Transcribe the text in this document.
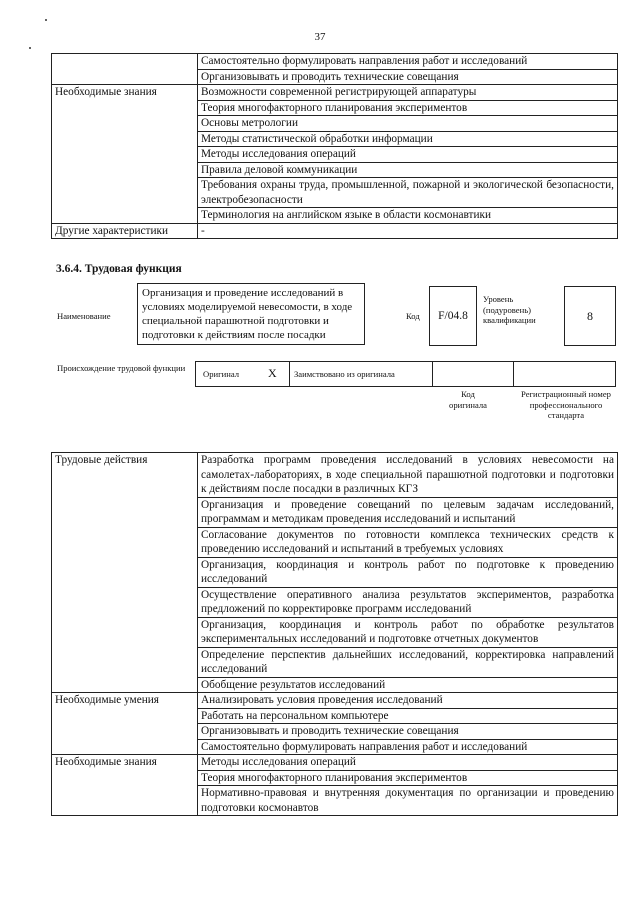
37
	Самостоятельно формулировать направления работ и исследований
	Организовывать и проводить технические совещания
Необходимые знания	Возможности современной регистрирующей аппаратуры
	Теория многофакторного планирования экспериментов
	Основы метрологии
	Методы статистической обработки информации
	Методы исследования операций
	Правила деловой коммуникации
	Требования охраны труда, промышленной, пожарной и экологической безопасности, электробезопасности
	Терминология на английском языке в области космонавтики
Другие характеристики	-
3.6.4. Трудовая функция
Наименование
Организация и проведение исследований в условиях моделируемой невесомости, в ходе специальной парашютной подготовки и подготовки к действиям после посадки
Код	F/04.8
Уровень (подуровень) квалификации	8
Происхождение трудовой функции
Оригинал X Заимствовано из оригинала
Код оригинала
Регистрационный номер профессионального стандарта
Трудовые действия	Разработка программ проведения исследований в условиях невесомости на самолетах-лабораториях, в ходе специальной парашютной подготовки и подготовки к действиям после посадки в различных КГЗ
	Организация и проведение совещаний по целевым задачам исследований, программам и методикам проведения исследований и испытаний
	Согласование документов по готовности комплекса технических средств к проведению исследований и испытаний в требуемых условиях
	Организация, координация и контроль работ по подготовке к проведению исследований
	Осуществление оперативного анализа результатов экспериментов, разработка предложений по корректировке программ исследований
	Организация, координация и контроль работ по обработке результатов экспериментальных исследований и подготовке отчетных документов
	Определение перспектив дальнейших исследований, корректировка направлений исследований
	Обобщение результатов исследований
Необходимые умения	Анализировать условия проведения исследований
	Работать на персональном компьютере
	Организовывать и проводить технические совещания
	Самостоятельно формулировать направления работ и исследований
Необходимые знания	Методы исследования операций
	Теория многофакторного планирования экспериментов
	Нормативно-правовая и внутренняя документация по организации и проведению подготовки космонавтов
